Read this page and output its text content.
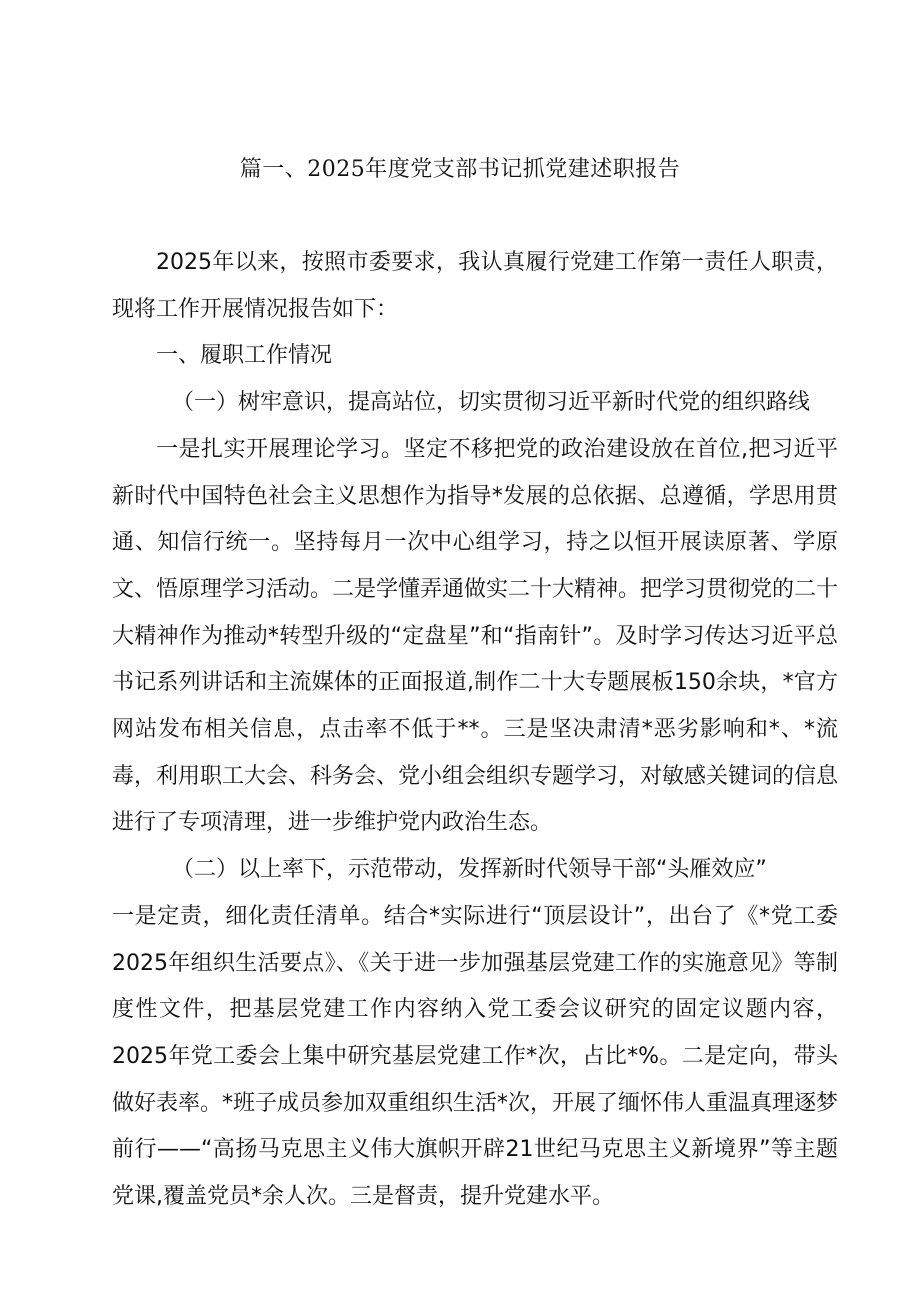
篇一、2025年度党支部书记抓党建述职报告

2025年以来，按照市委要求，我认真履行党建工作第一责任人职责，现将工作开展情况报告如下：

一、履职工作情况

（一）树牢意识，提高站位，切实贯彻习近平新时代党的组织路线

一是扎实开展理论学习。坚定不移把党的政治建设放在首位,把习近平新时代中国特色社会主义思想作为指导*发展的总依据、总遵循，学思用贯通、知信行统一。坚持每月一次中心组学习，持之以恒开展读原著、学原文、悟原理学习活动。二是学懂弄通做实二十大精神。把学习贯彻党的二十大精神作为推动*转型升级的“定盘星”和“指南针”。及时学习传达习近平总书记系列讲话和主流媒体的正面报道,制作二十大专题展板150余块，*官方网站发布相关信息，点击率不低于**。三是坚决肃清*恶劣影响和*、*流毒，利用职工大会、科务会、党小组会组织专题学习，对敏感关键词的信息进行了专项清理，进一步维护党内政治生态。

（二）以上率下，示范带动，发挥新时代领导干部“头雁效应”

一是定责，细化责任清单。结合*实际进行“顶层设计”，出台了《*党工委2025年组织生活要点》、《关于进一步加强基层党建工作的实施意见》等制度性文件，把基层党建工作内容纳入党工委会议研究的固定议题内容，2025年党工委会上集中研究基层党建工作*次，占比*%。二是定向，带头做好表率。*班子成员参加双重组织生活*次，开展了缅怀伟人重温真理逐梦前行——“高扬马克思主义伟大旗帜开辟21世纪马克思主义新境界”等主题党课,覆盖党员*余人次。三是督责，提升党建水平。
